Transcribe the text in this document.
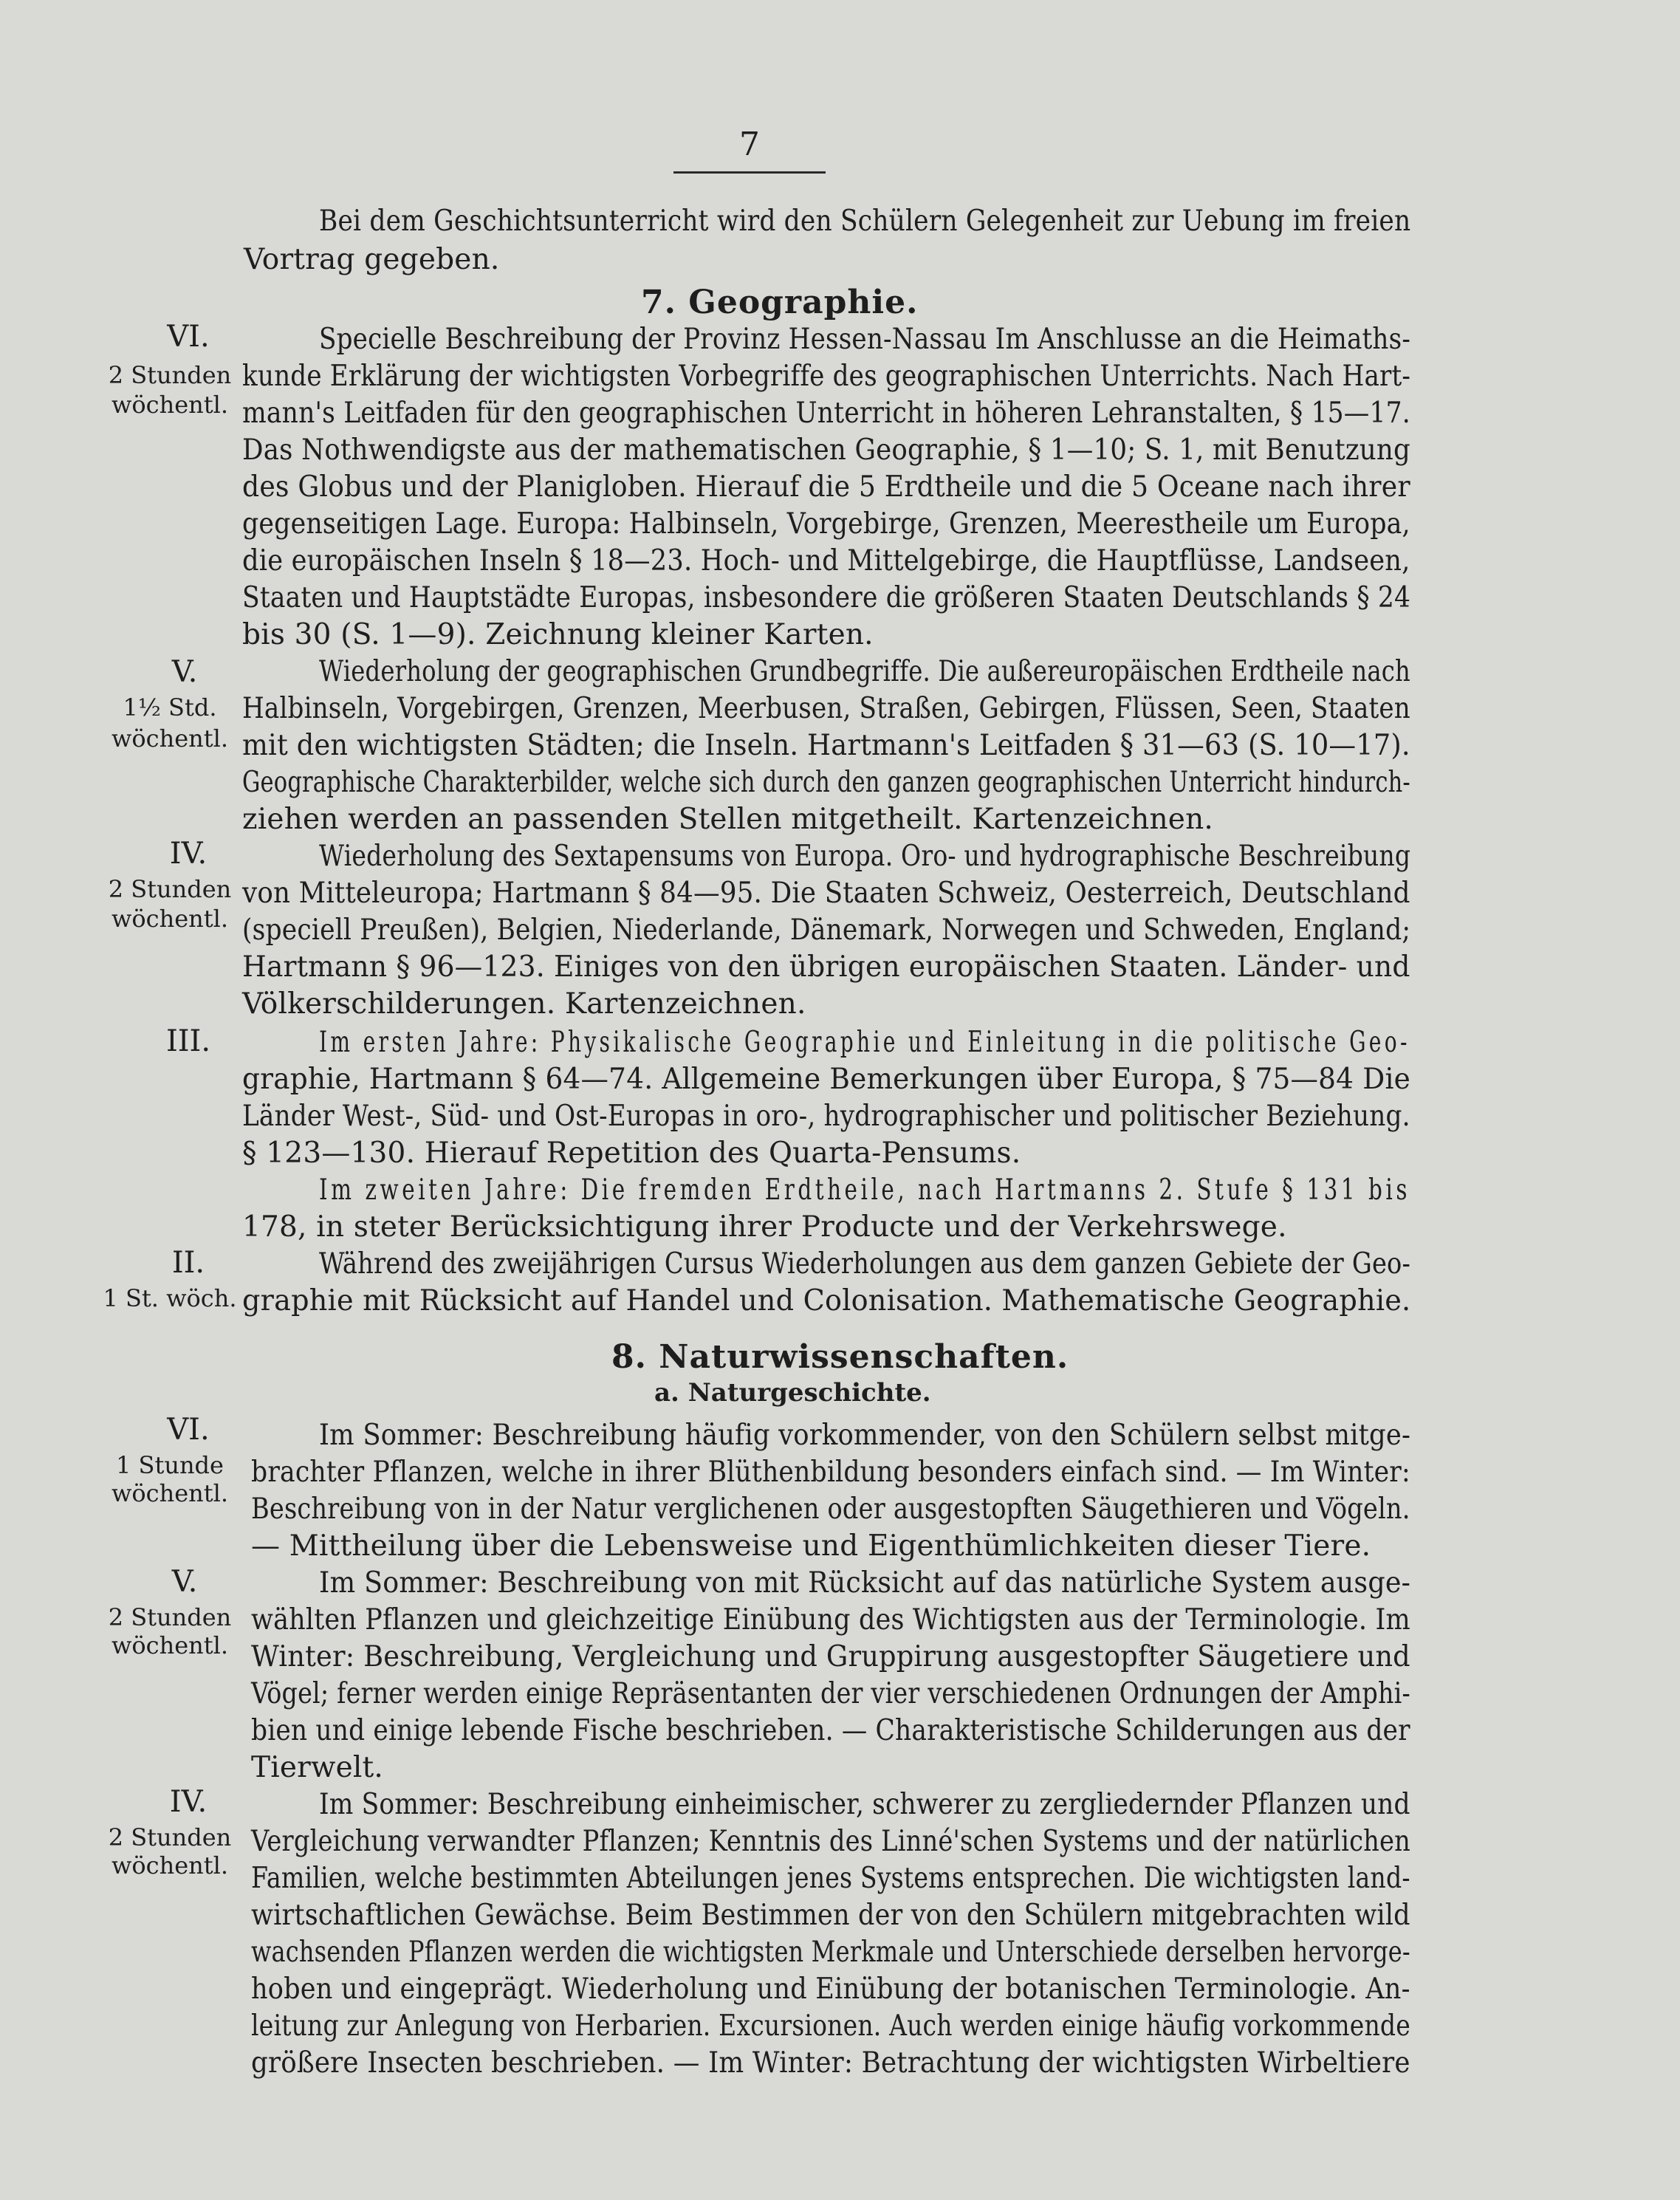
7
Bei dem Geschichtsunterricht wird den Schülern Gelegenheit zur Uebung im freien
Vortrag gegeben.
7. Geographie.
VI.
2 Stunden
wöchentl.
Specielle Beschreibung der Provinz Hessen-Nassau Im Anschlusse an die Heimaths-
kunde Erklärung der wichtigsten Vorbegriffe des geographischen Unterrichts. Nach Hart-
mann's Leitfaden für den geographischen Unterricht in höheren Lehranstalten, § 15—17.
Das Nothwendigste aus der mathematischen Geographie, § 1—10; S. 1, mit Benutzung
des Globus und der Planigloben. Hierauf die 5 Erdtheile und die 5 Oceane nach ihrer
gegenseitigen Lage. Europa: Halbinseln, Vorgebirge, Grenzen, Meerestheile um Europa,
die europäischen Inseln § 18—23. Hoch- und Mittelgebirge, die Hauptflüsse, Landseen,
Staaten und Hauptstädte Europas, insbesondere die größeren Staaten Deutschlands § 24
bis 30 (S. 1—9). Zeichnung kleiner Karten.
V.
1½ Std.
wöchentl.
Wiederholung der geographischen Grundbegriffe. Die außereuropäischen Erdtheile nach
Halbinseln, Vorgebirgen, Grenzen, Meerbusen, Straßen, Gebirgen, Flüssen, Seen, Staaten
mit den wichtigsten Städten; die Inseln. Hartmann's Leitfaden § 31—63 (S. 10—17).
Geographische Charakterbilder, welche sich durch den ganzen geographischen Unterricht hindurch-
ziehen werden an passenden Stellen mitgetheilt. Kartenzeichnen.
IV.
2 Stunden
wöchentl.
Wiederholung des Sextapensums von Europa. Oro- und hydrographische Beschreibung
von Mitteleuropa; Hartmann § 84—95. Die Staaten Schweiz, Oesterreich, Deutschland
(speciell Preußen), Belgien, Niederlande, Dänemark, Norwegen und Schweden, England;
Hartmann § 96—123. Einiges von den übrigen europäischen Staaten. Länder- und
Völkerschilderungen. Kartenzeichnen.
III.	Im ersten Jahre: Physikalische Geographie und Einleitung in die politische Geo-
graphie, Hartmann § 64—74. Allgemeine Bemerkungen über Europa, § 75—84 Die
Länder West-, Süd- und Ost-Europas in oro-, hydrographischer und politischer Beziehung.
§ 123—130. Hierauf Repetition des Quarta-Pensums.
Im zweiten Jahre: Die fremden Erdtheile, nach Hartmanns 2. Stufe § 131 bis
178, in steter Berücksichtigung ihrer Producte und der Verkehrswege.
II.
1 St. wöch.
Während des zweijährigen Cursus Wiederholungen aus dem ganzen Gebiete der Geo-
graphie mit Rücksicht auf Handel und Colonisation. Mathematische Geographie.
8. Naturwissenschaften.
a. Naturgeschichte.
VI.
1 Stunde
wöchentl.
Im Sommer: Beschreibung häufig vorkommender, von den Schülern selbst mitge-
brachter Pflanzen, welche in ihrer Blüthenbildung besonders einfach sind. — Im Winter:
Beschreibung von in der Natur verglichenen oder ausgestopften Säugethieren und Vögeln.
— Mittheilung über die Lebensweise und Eigenthümlichkeiten dieser Tiere.
V.
2 Stunden
wöchentl.
Im Sommer: Beschreibung von mit Rücksicht auf das natürliche System ausge-
wählten Pflanzen und gleichzeitige Einübung des Wichtigsten aus der Terminologie. Im
Winter: Beschreibung, Vergleichung und Gruppirung ausgestopfter Säugetiere und
Vögel; ferner werden einige Repräsentanten der vier verschiedenen Ordnungen der Amphi-
bien und einige lebende Fische beschrieben. — Charakteristische Schilderungen aus der
Tierwelt.
IV.
2 Stunden
wöchentl.
Im Sommer: Beschreibung einheimischer, schwerer zu zergliedernder Pflanzen und
Vergleichung verwandter Pflanzen; Kenntnis des Linné'schen Systems und der natürlichen
Familien, welche bestimmten Abteilungen jenes Systems entsprechen. Die wichtigsten land-
wirtschaftlichen Gewächse. Beim Bestimmen der von den Schülern mitgebrachten wild
wachsenden Pflanzen werden die wichtigsten Merkmale und Unterschiede derselben hervorge-
hoben und eingeprägt. Wiederholung und Einübung der botanischen Terminologie. An-
leitung zur Anlegung von Herbarien. Excursionen. Auch werden einige häufig vorkommende
größere Insecten beschrieben. — Im Winter: Betrachtung der wichtigsten Wirbeltiere
